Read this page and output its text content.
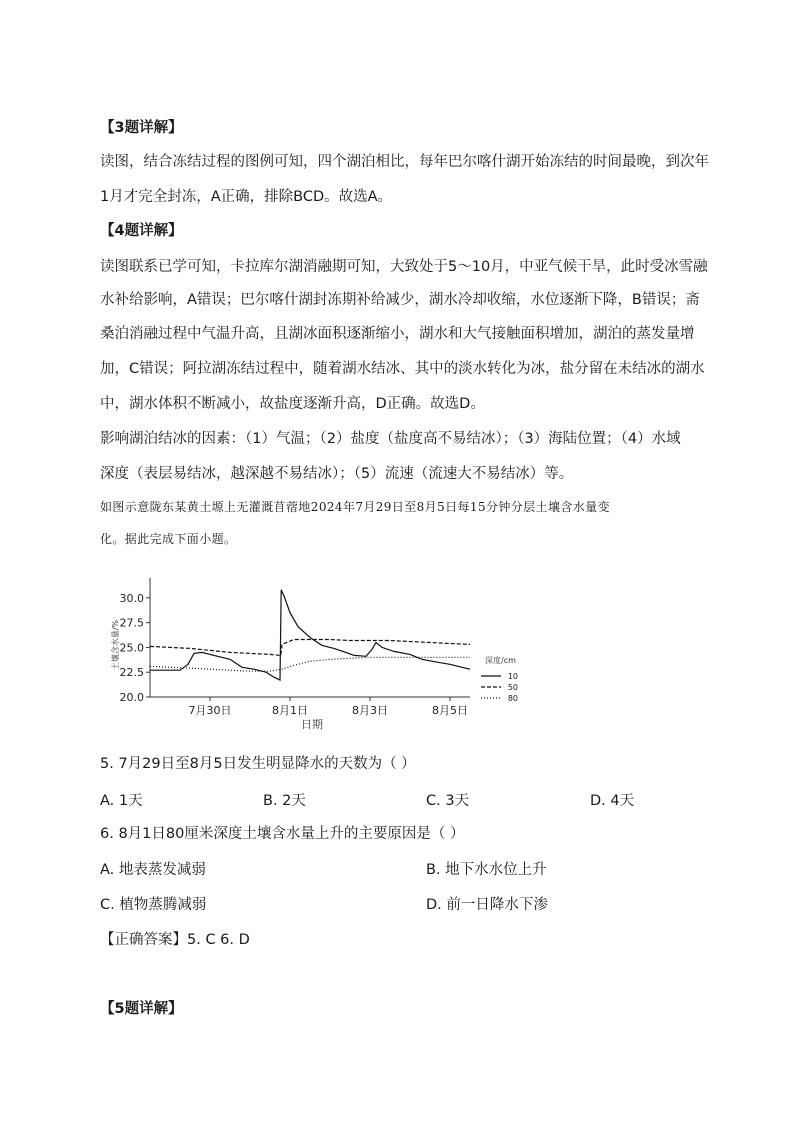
【3题详解】
读图，结合冻结过程的图例可知，四个湖泊相比，每年巴尔喀什湖开始冻结的时间最晚，到次年
1月才完全封冻，A正确，排除BCD。故选A。
【4题详解】
读图联系已学可知，卡拉库尔湖消融期可知，大致处于5～10月，中亚气候干旱，此时受冰雪融
水补给影响，A错误；巴尔喀什湖封冻期补给减少，湖水冷却收缩，水位逐渐下降，B错误；斋
桑泊消融过程中气温升高，且湖冰面积逐渐缩小，湖水和大气接触面积增加，湖泊的蒸发量增
加，C错误；阿拉湖冻结过程中，随着湖水结冰、其中的淡水转化为冰，盐分留在未结冰的湖水
中，湖水体积不断减小，故盐度逐渐升高，D正确。故选D。
影响湖泊结冰的因素：（1）气温；（2）盐度（盐度高不易结冰）；（3）海陆位置；（4）水域
深度（表层易结冰，越深越不易结冰）；（5）流速（流速大不易结冰）等。
如图示意陇东某黄土塬上无灌溉苜蓿地2024年7月29日至8月5日每15分钟分层土壤含水量变
化。据此完成下面小题。
土壤含水量/%
日期
20.0
22.5
25.0
27.5
30.0
7月30日	8月1日	8月3日	8月5日
深度/cm
10
50
80
5. 7月29日至8月5日发生明显降水的天数为（ ）
A. 1天	B. 2天	C. 3天	D. 4天
6. 8月1日80厘米深度土壤含水量上升的主要原因是（ ）
A. 地表蒸发减弱	B. 地下水水位上升
C. 植物蒸腾减弱	D. 前一日降水下渗
【正确答案】5. C 6. D
【5题详解】
